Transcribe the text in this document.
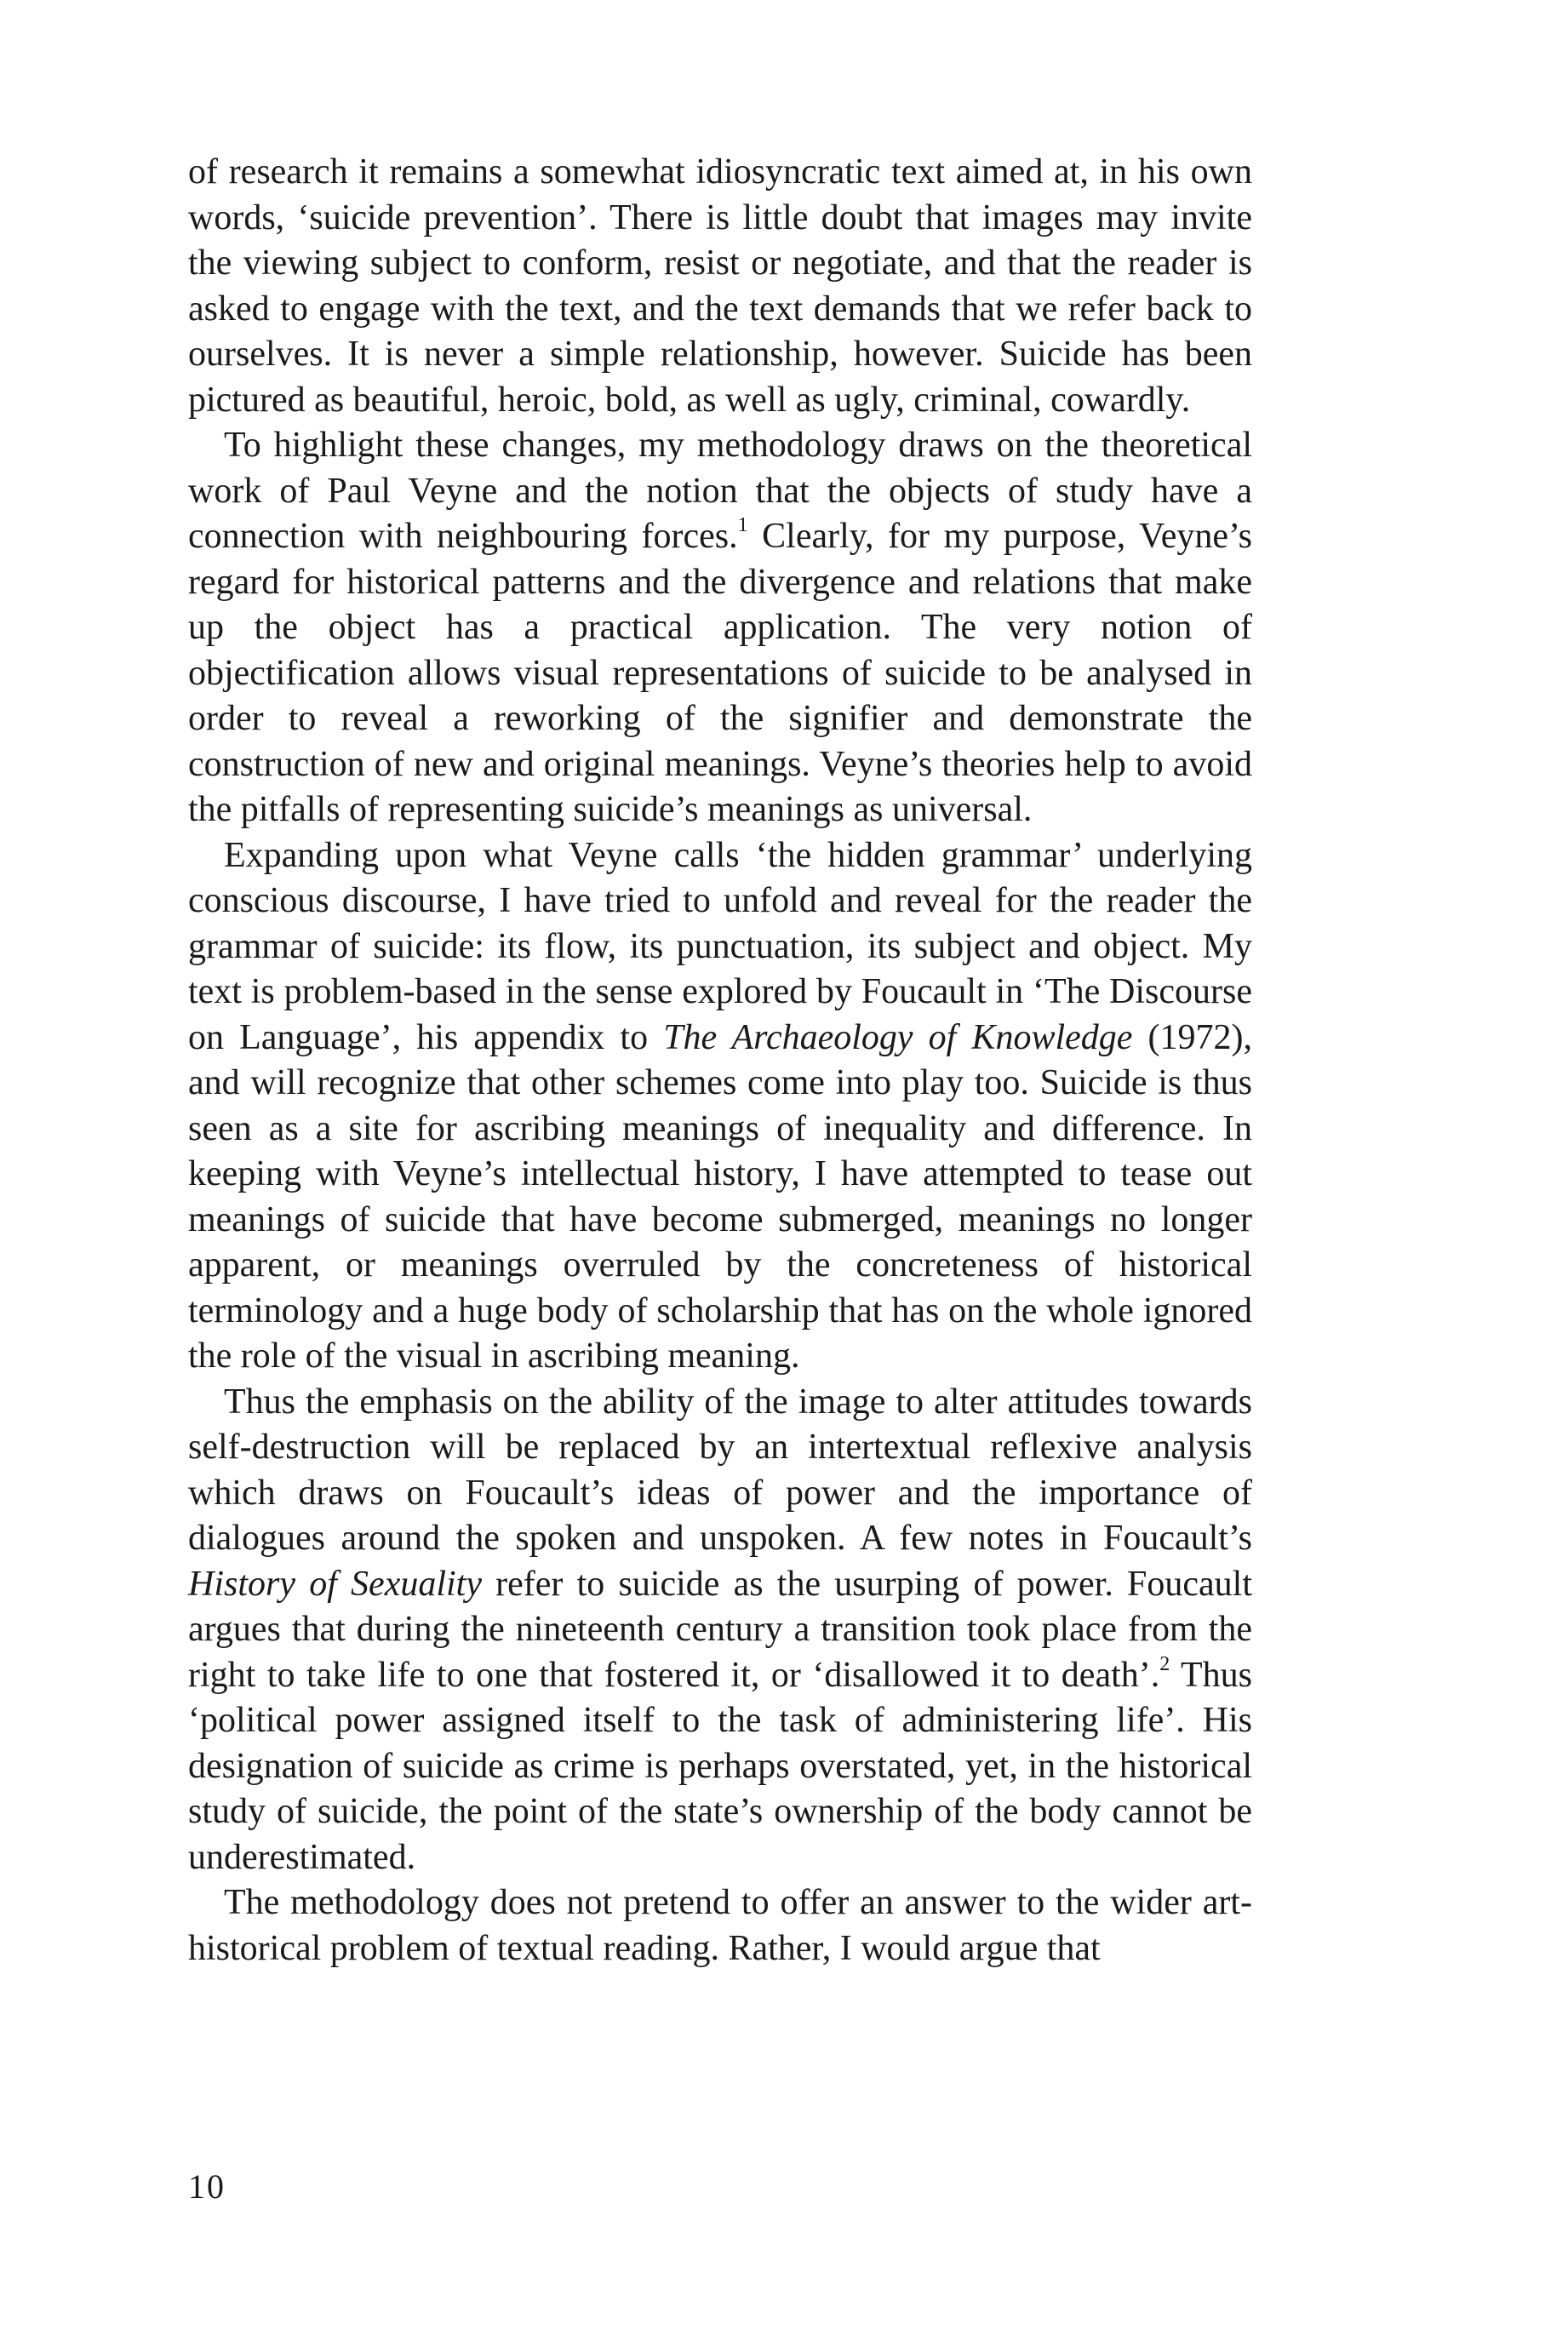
of research it remains a somewhat idiosyncratic text aimed at, in his own words, ‘suicide prevention’. There is little doubt that images may invite the viewing subject to conform, resist or negotiate, and that the reader is asked to engage with the text, and the text demands that we refer back to ourselves. It is never a simple relationship, however. Suicide has been pictured as beautiful, heroic, bold, as well as ugly, criminal, cowardly.

To highlight these changes, my methodology draws on the theoretical work of Paul Veyne and the notion that the objects of study have a connection with neighbouring forces.$^1$ Clearly, for my purpose, Veyne’s regard for historical patterns and the divergence and relations that make up the object has a practical application. The very notion of objectification allows visual representations of suicide to be analysed in order to reveal a reworking of the signifier and demonstrate the construction of new and original meanings. Veyne’s theories help to avoid the pitfalls of representing suicide’s meanings as universal.

Expanding upon what Veyne calls ‘the hidden grammar’ underlying conscious discourse, I have tried to unfold and reveal for the reader the grammar of suicide: its flow, its punctuation, its subject and object. My text is problem-based in the sense explored by Foucault in ‘The Discourse on Language’, his appendix to The Archaeology of Knowledge (1972), and will recognize that other schemes come into play too. Suicide is thus seen as a site for ascribing meanings of inequality and difference. In keeping with Veyne’s intellectual history, I have attempted to tease out meanings of suicide that have become submerged, meanings no longer apparent, or meanings overruled by the concreteness of historical terminology and a huge body of scholarship that has on the whole ignored the role of the visual in ascribing meaning.

Thus the emphasis on the ability of the image to alter attitudes towards self-destruction will be replaced by an intertextual reflexive analysis which draws on Foucault’s ideas of power and the importance of dialogues around the spoken and unspoken. A few notes in Foucault’s History of Sexuality refer to suicide as the usurping of power. Foucault argues that during the nineteenth century a transition took place from the right to take life to one that fostered it, or ‘disallowed it to death’.$^2$ Thus ‘political power assigned itself to the task of administering life’. His designation of suicide as crime is perhaps overstated, yet, in the historical study of suicide, the point of the state’s ownership of the body cannot be underestimated.

The methodology does not pretend to offer an answer to the wider art-historical problem of textual reading. Rather, I would argue that

10
